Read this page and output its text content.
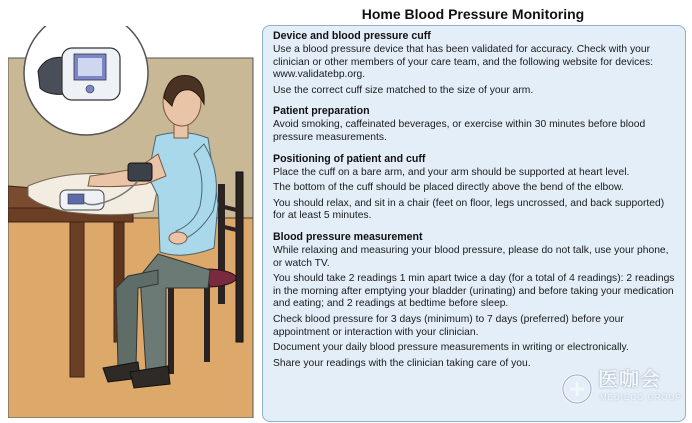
Home Blood Pressure Monitoring
Device and blood pressure cuff

Use a blood pressure device that has been validated for accuracy. Check with your clinician or other members of your care team, and the following website for devices: www.validatebp.org.

Use the correct cuff size matched to the size of your arm.

Patient preparation

Avoid smoking, caffeinated beverages, or exercise within 30 minutes before blood pressure measurements.

Positioning of patient and cuff

Place the cuff on a bare arm, and your arm should be supported at heart level.

The bottom of the cuff should be placed directly above the bend of the elbow.

You should relax, and sit in a chair (feet on floor, legs uncrossed, and back supported) for at least 5 minutes.

Blood pressure measurement

While relaxing and measuring your blood pressure, please do not talk, use your phone, or watch TV.

You should take 2 readings 1 min apart twice a day (for a total of 4 readings): 2 readings in the morning after emptying your bladder (urinating) and before taking your medication and eating; and 2 readings at bedtime before sleep.

Check blood pressure for 3 days (minimum) to 7 days (preferred) before your appointment or interaction with your clinician.

Document your daily blood pressure measurements in writing or electronically.

Share your readings with the clinician taking care of you.

医咖会
MEDIECO GROUP
